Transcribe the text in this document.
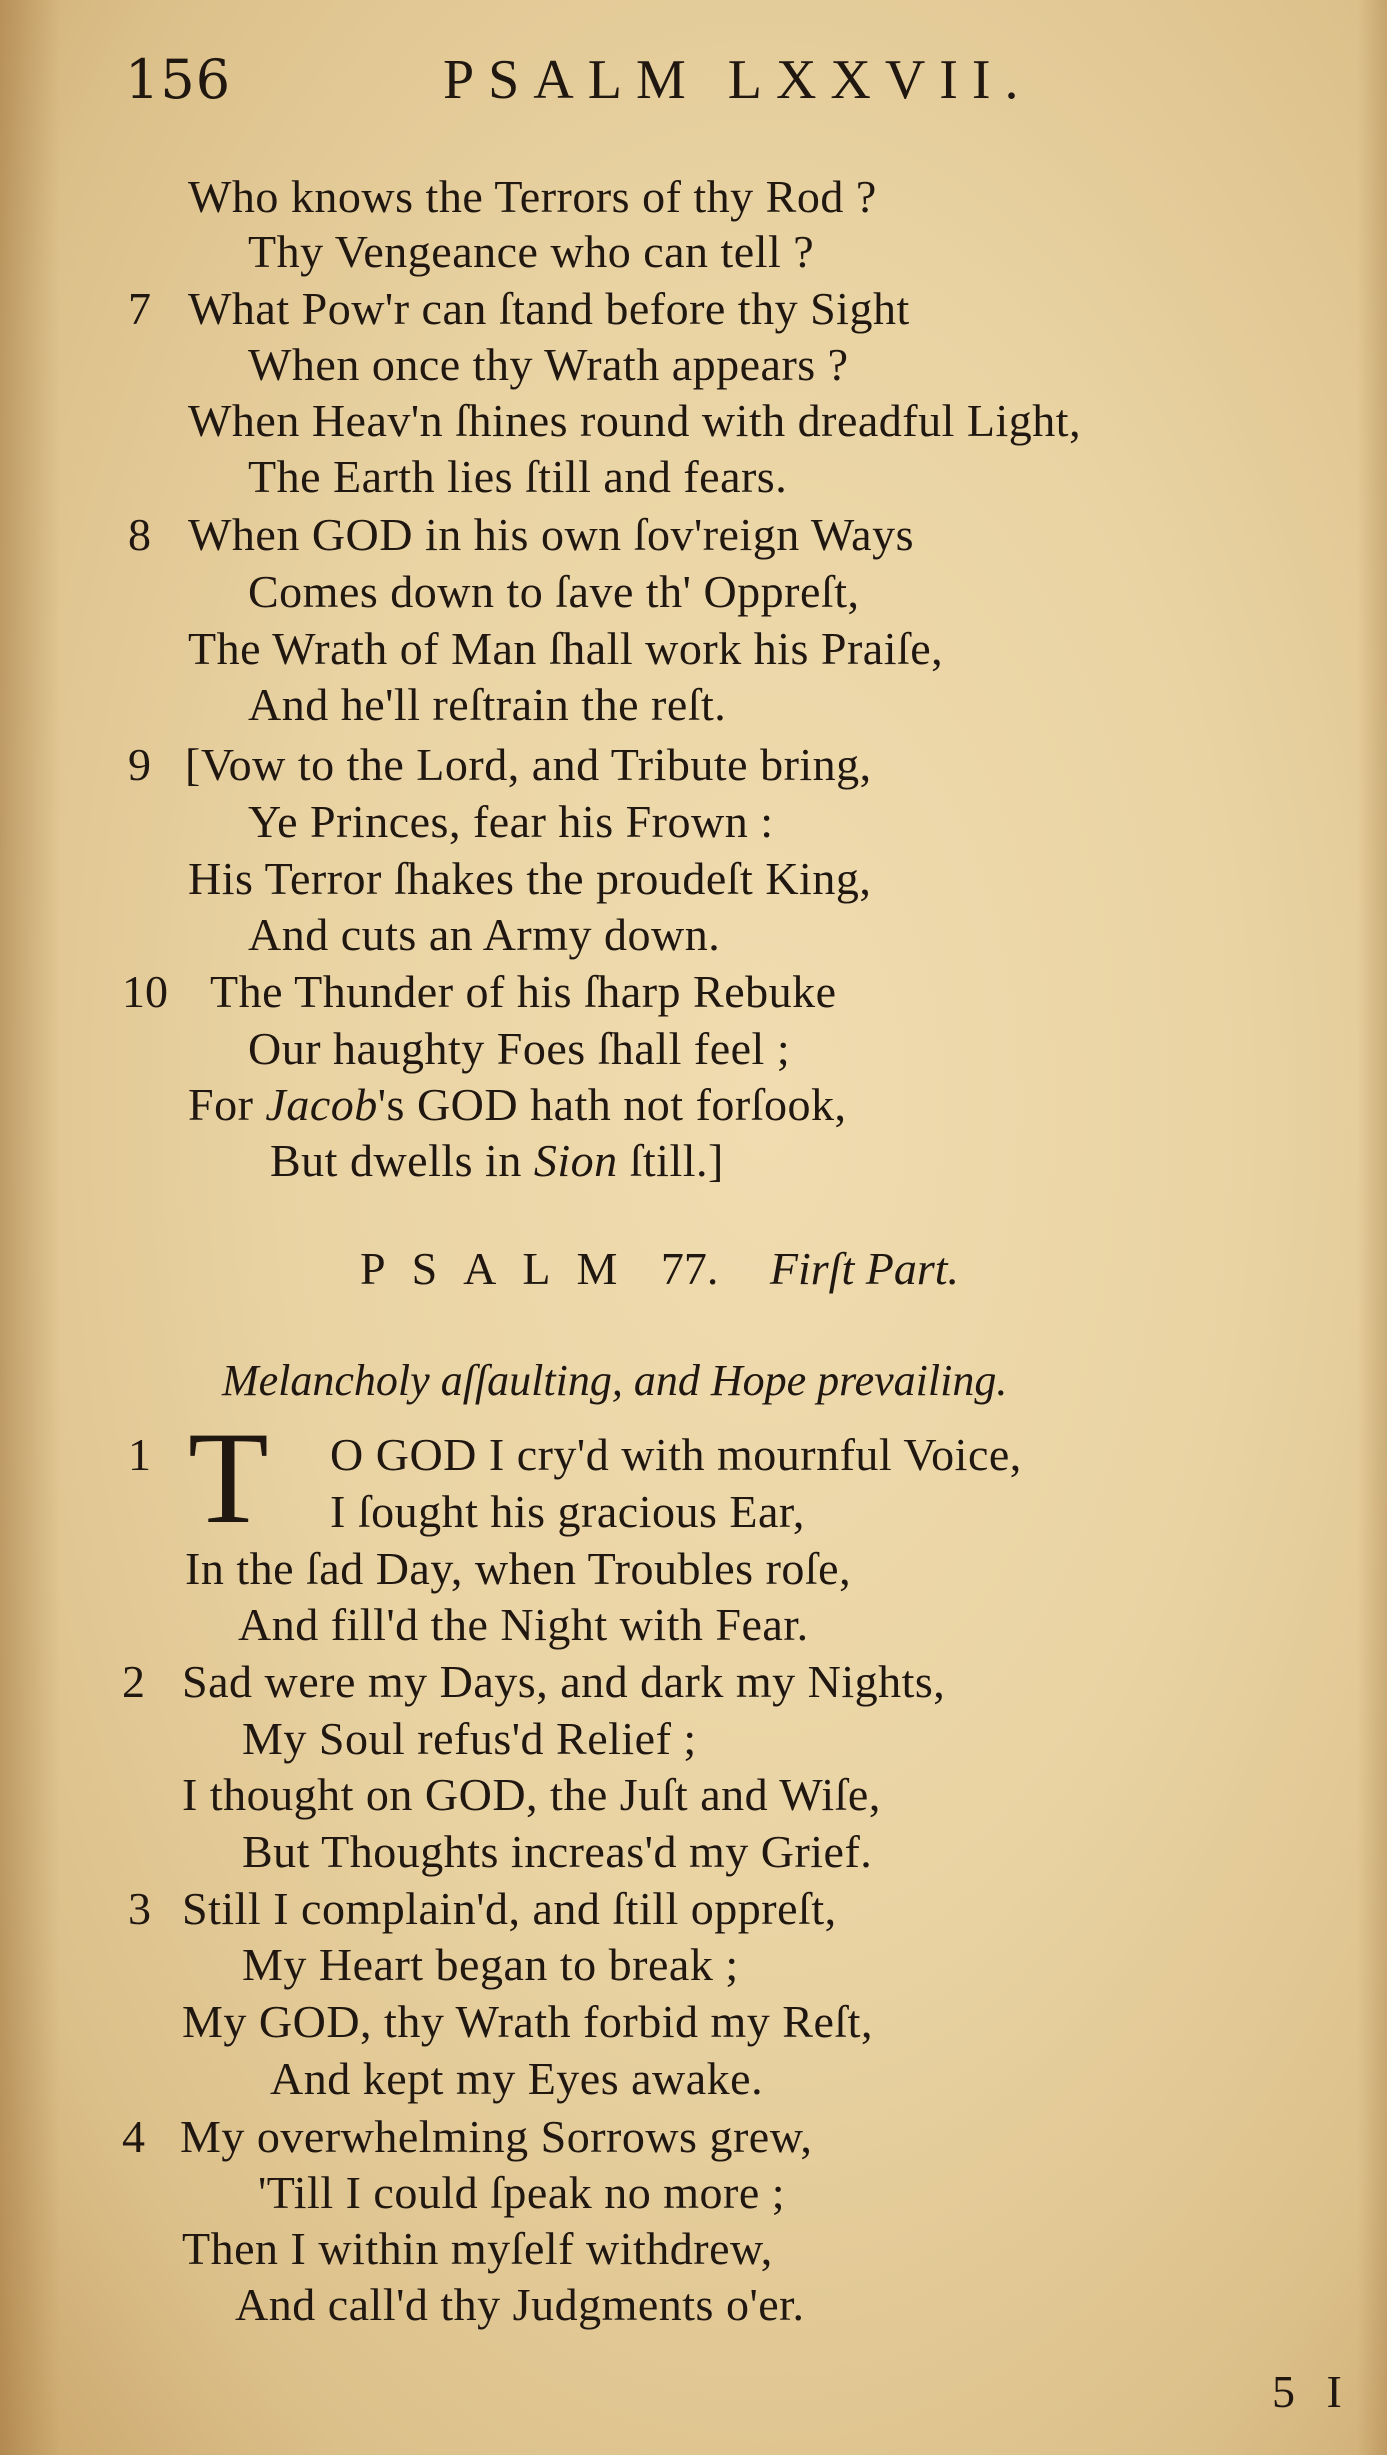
156	PSALM LXXVII.
Who knows the Terrors of thy Rod ?
Thy Vengeance who can tell ?
7 What Pow'r can ſtand before thy Sight
When once thy Wrath appears ?
When Heav'n ſhines round with dreadful Light,
The Earth lies ſtill and fears.
8 When GOD in his own ſov'reign Ways
Comes down to ſave th' Oppreſt,
The Wrath of Man ſhall work his Praiſe,
And he'll reſtrain the reſt.
9 [Vow to the Lord, and Tribute bring,
Ye Princes, fear his Frown :
His Terror ſhakes the proudeſt King,
And cuts an Army down.
10 The Thunder of his ſharp Rebuke
Our haughty Foes ſhall feel ;
For Jacob's GOD hath not forſook,
But dwells in Sion ſtill.]
PSALM 77. Firſt Part.
Melancholy aſſaulting, and Hope prevailing.
1 T O GOD I cry'd with mournful Voice,
I ſought his gracious Ear,
In the ſad Day, when Troubles roſe,
And fill'd the Night with Fear.
2 Sad were my Days, and dark my Nights,
My Soul refus'd Relief ;
I thought on GOD, the Juſt and Wiſe,
But Thoughts increas'd my Grief.
3 Still I complain'd, and ſtill oppreſt,
My Heart began to break ;
My GOD, thy Wrath forbid my Reſt,
And kept my Eyes awake.
4 My overwhelming Sorrows grew,
'Till I could ſpeak no more ;
Then I within myſelf withdrew,
And call'd thy Judgments o'er.
5 I
